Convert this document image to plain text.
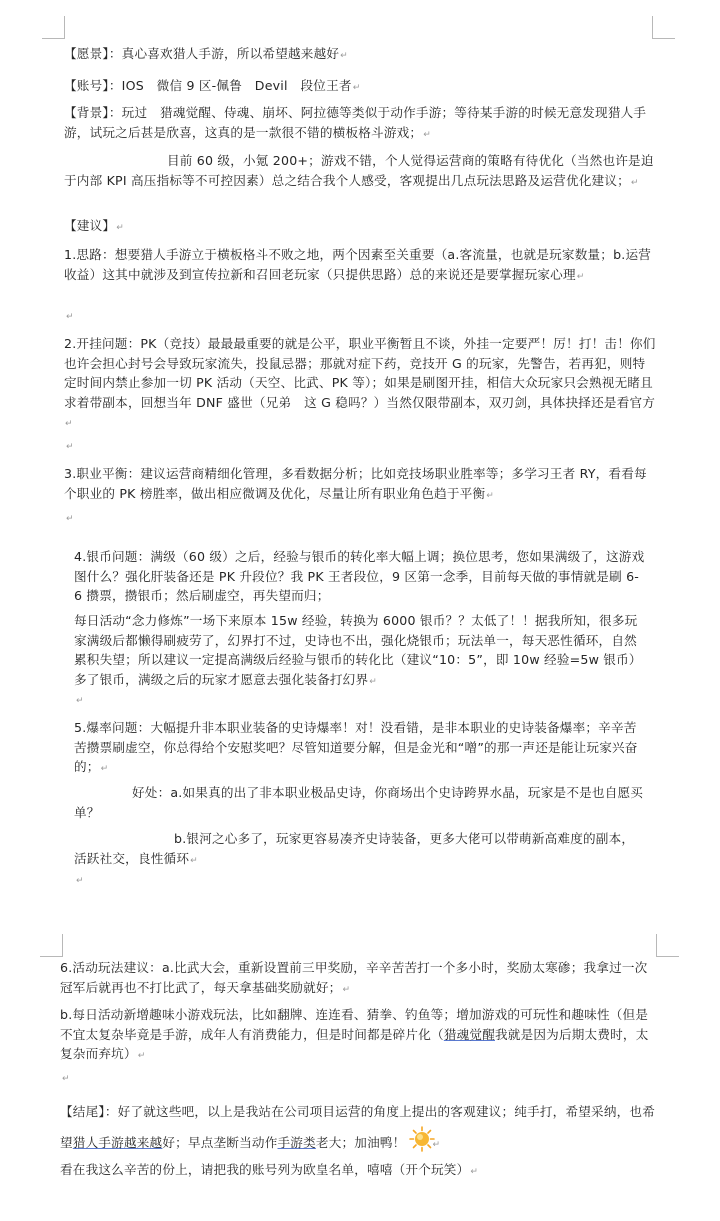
【愿景】：真心喜欢猎人手游，所以希望越来越好↵
【账号】：IOS　微信 9 区-佩鲁　Devil　段位王者↵
【背景】：玩过　猎魂觉醒、侍魂、崩坏、阿拉德等类似于动作手游；等待某手游的时候无意发现猎人手游，试玩之后甚是欣喜，这真的是一款很不错的横板格斗游戏；↵
目前 60 级，小氪 200+；游戏不错，个人觉得运营商的策略有待优化（当然也许是迫于内部 KPI 高压指标等不可控因素）总之结合我个人感受，客观提出几点玩法思路及运营优化建议；↵
【建议】↵
1.思路：想要猎人手游立于横板格斗不败之地，两个因素至关重要（a.客流量，也就是玩家数量；b.运营收益）这其中就涉及到宣传拉新和召回老玩家（只提供思路）总的来说还是要掌握玩家心理↵
↵
2.开挂问题：PK（竞技）最最最重要的就是公平，职业平衡暂且不谈，外挂一定要严！厉！打！击！你们也许会担心封号会导致玩家流失，投鼠忌器；那就对症下药，竞技开 G 的玩家，先警告，若再犯，则特定时间内禁止参加一切 PK 活动（天空、比武、PK 等）；如果是刷图开挂，相信大众玩家只会熟视无睹且求着带副本，回想当年 DNF 盛世（兄弟　这 G 稳吗？）当然仅限带副本，双刃剑，具体抉择还是看官方↵
↵
3.职业平衡：建议运营商精细化管理，多看数据分析；比如竞技场职业胜率等；多学习王者 RY，看看每个职业的 PK 榜胜率，做出相应微调及优化，尽量让所有职业角色趋于平衡↵
↵
4.银币问题：满级（60 级）之后，经验与银币的转化率大幅上调；换位思考，您如果满级了，这游戏图什么？强化肝装备还是 PK 升段位？我 PK 王者段位，9 区第一念季，目前每天做的事情就是刷 6-6 攒票，攒银币；然后刷虚空，再失望而归；
每日活动“念力修炼”一场下来原本 15w 经验，转换为 6000 银币？？太低了！！据我所知，很多玩家满级后都懒得刷疲劳了，幻界打不过，史诗也不出，强化烧银币；玩法单一，每天恶性循环，自然累积失望；所以建议一定提高满级后经验与银币的转化比（建议“10：5”，即 10w 经验=5w 银币）多了银币，满级之后的玩家才愿意去强化装备打幻界↵
↵
5.爆率问题：大幅提升非本职业装备的史诗爆率！对！没看错，是非本职业的史诗装备爆率；辛辛苦苦攒票刷虚空，你总得给个安慰奖吧？尽管知道要分解，但是金光和“噌”的那一声还是能让玩家兴奋的；↵
好处：a.如果真的出了非本职业极品史诗，你商场出个史诗跨界水晶，玩家是不是也自愿买单？
b.银河之心多了，玩家更容易凑齐史诗装备，更多大佬可以带萌新高难度的副本，活跃社交，良性循环↵
↵
6.活动玩法建议：a.比武大会，重新设置前三甲奖励，辛辛苦苦打一个多小时，奖励太寒碜；我拿过一次冠军后就再也不打比武了，每天拿基础奖励就好；↵
b.每日活动新增趣味小游戏玩法，比如翻牌、连连看、猜拳、钓鱼等；增加游戏的可玩性和趣味性（但是不宜太复杂毕竟是手游，成年人有消费能力，但是时间都是碎片化（猎魂觉醒我就是因为后期太费时，太复杂而弃坑）↵
↵
【结尾】：好了就这些吧，以上是我站在公司项目运营的角度上提出的客观建议；纯手打，希望采纳，也希望猎人手游越来越好；早点垄断当动作手游类老大；加油鸭！	↵
看在我这么辛苦的份上，请把我的账号列为欧皇名单，嘻嘻（开个玩笑）↵
